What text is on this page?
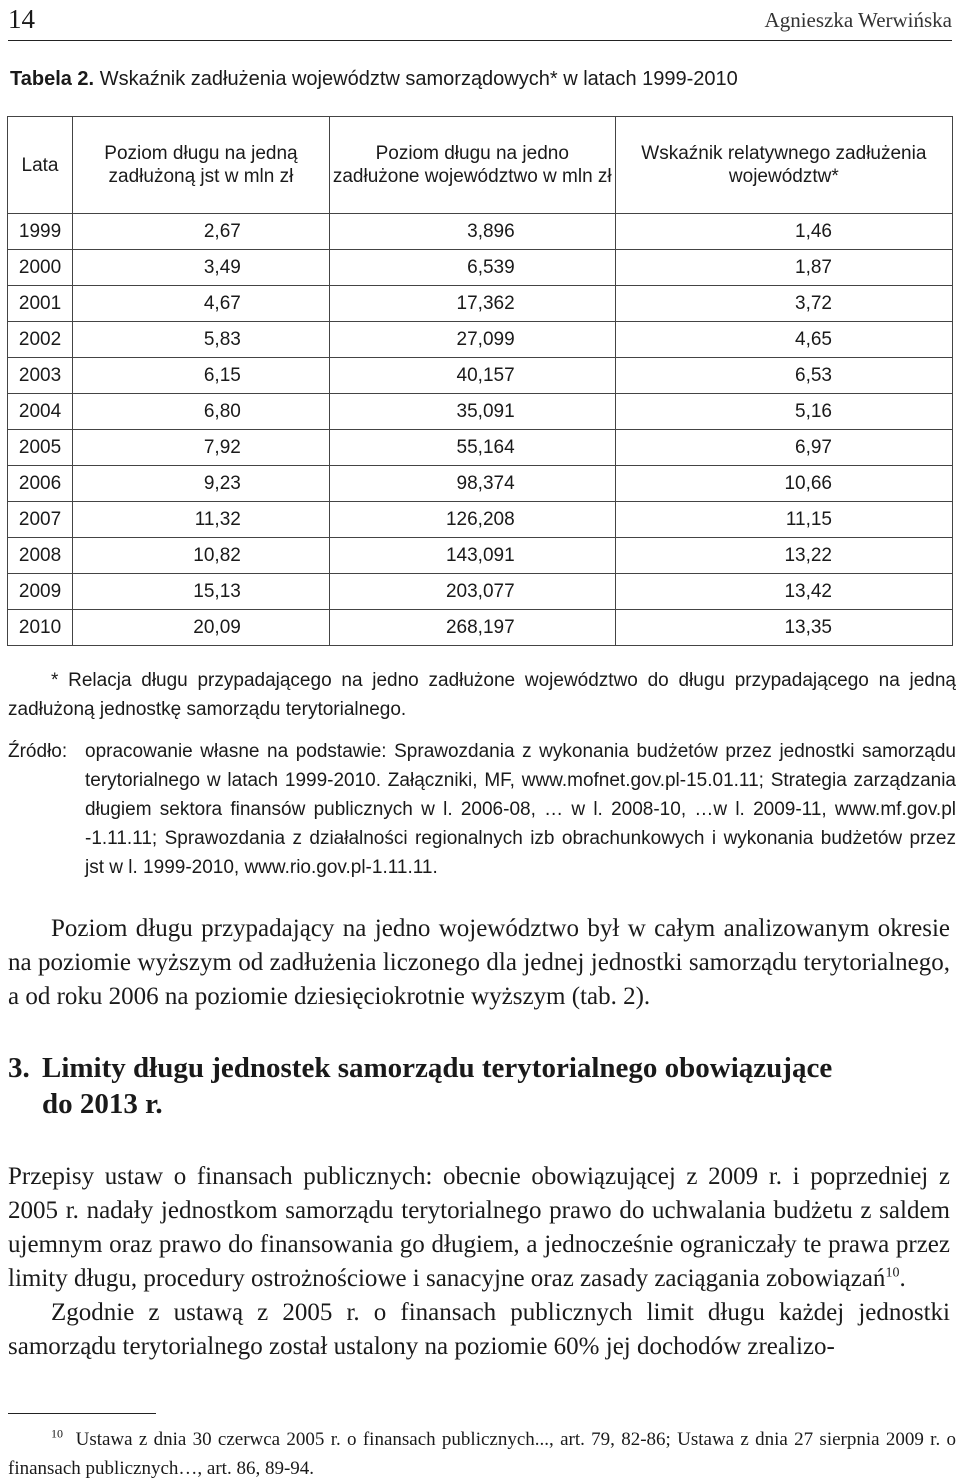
14	Agnieszka Werwińska
Tabela 2. Wskaźnik zadłużenia województw samorządowych* w latach 1999-2010
Lata	Poziom długu na jedną zadłużoną jst w mln zł	Poziom długu na jedno zadłużone województwo w mln zł	Wskaźnik relatywnego zadłużenia województw*
1999	2,67	3,896	1,46
2000	3,49	6,539	1,87
2001	4,67	17,362	3,72
2002	5,83	27,099	4,65
2003	6,15	40,157	6,53
2004	6,80	35,091	5,16
2005	7,92	55,164	6,97
2006	9,23	98,374	10,66
2007	11,32	126,208	11,15
2008	10,82	143,091	13,22
2009	15,13	203,077	13,42
2010	20,09	268,197	13,35

* Relacja długu przypadającego na jedno zadłużone województwo do długu przypadającego na jedną zadłużoną jednostkę samorządu terytorialnego.

Źródło: opracowanie własne na podstawie: Sprawozdania z wykonania budżetów przez jednostki samorządu terytorialnego w latach 1999-2010. Załączniki, MF, www.mofnet.gov.pl-15.01.11; Strategia zarządzania długiem sektora finansów publicznych w l. 2006-08, … w l. 2008-10, …w l. 2009-11, www.mf.gov.pl -1.11.11; Sprawozdania z działalności regionalnych izb obrachunkowych i wykonania budżetów przez jst w l. 1999-2010, www.rio.gov.pl-1.11.11.

Poziom długu przypadający na jedno województwo był w całym analizowanym okresie na poziomie wyższym od zadłużenia liczonego dla jednej jednostki samorządu terytorialnego, a od roku 2006 na poziomie dziesięciokrotnie wyższym (tab. 2).

3. Limity długu jednostek samorządu terytorialnego obowiązujące
do 2013 r.

Przepisy ustaw o finansach publicznych: obecnie obowiązującej z 2009 r. i poprzedniej z 2005 r. nadały jednostkom samorządu terytorialnego prawo do uchwalania budżetu z saldem ujemnym oraz prawo do finansowania go długiem, a jednocześnie ograniczały te prawa przez limity długu, procedury ostrożnościowe i sanacyjne oraz zasady zaciągania zobowiązań$^{10}$.

Zgodnie z ustawą z 2005 r. o finansach publicznych limit długu każdej jednostki samorządu terytorialnego został ustalony na poziomie 60% jej dochodów zrealizo-

$^{10}$ Ustawa z dnia 30 czerwca 2005 r. o finansach publicznych..., art. 79, 82-86; Ustawa z dnia 27 sierpnia 2009 r. o finansach publicznych…, art. 86, 89-94.
